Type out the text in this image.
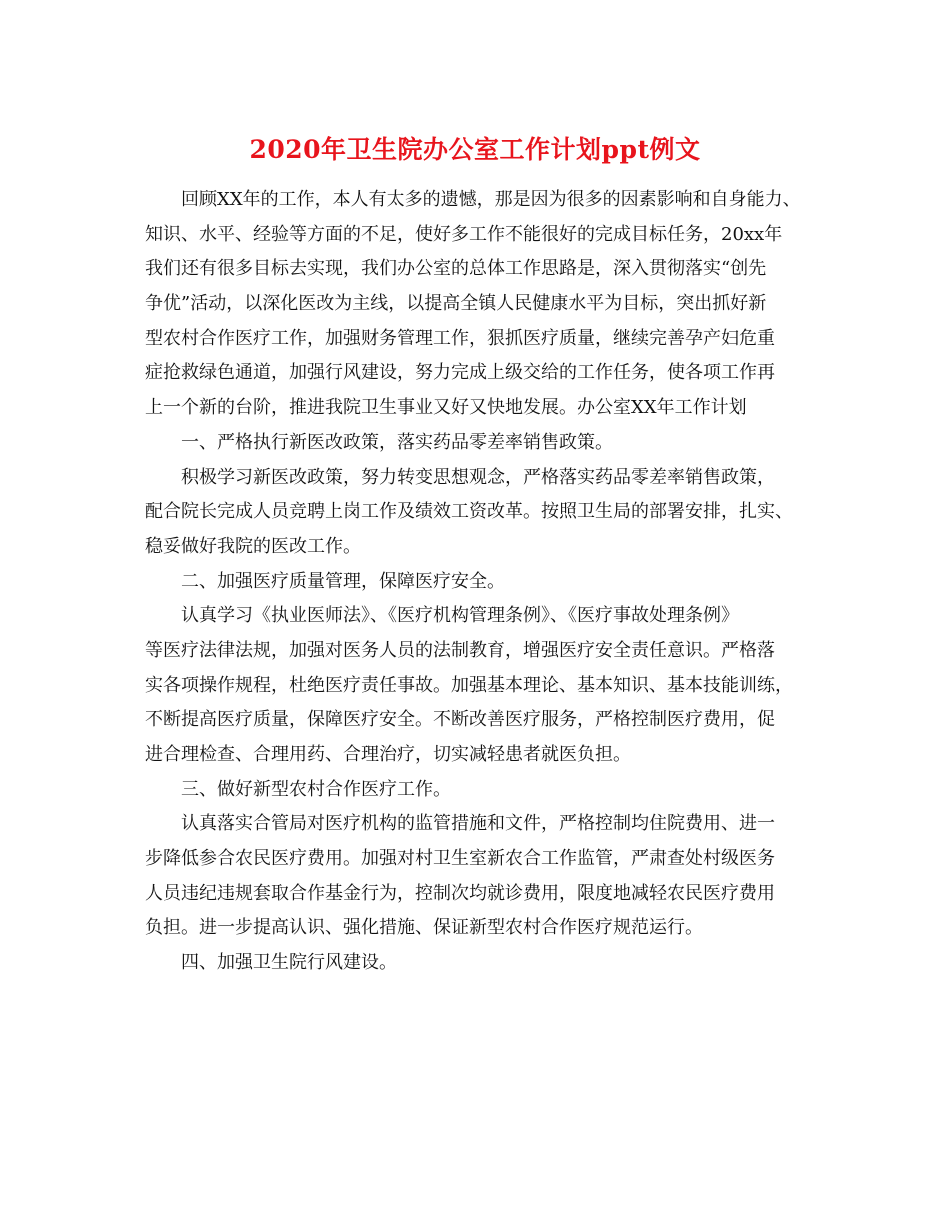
2020年卫生院办公室工作计划ppt例文
回顾XX年的工作，本人有太多的遗憾，那是因为很多的因素影响和自身能力、
知识、水平、经验等方面的不足，使好多工作不能很好的完成目标任务，20xx年
我们还有很多目标去实现，我们办公室的总体工作思路是，深入贯彻落实“创先
争优”活动，以深化医改为主线，以提高全镇人民健康水平为目标，突出抓好新
型农村合作医疗工作，加强财务管理工作，狠抓医疗质量，继续完善孕产妇危重
症抢救绿色通道，加强行风建设，努力完成上级交给的工作任务，使各项工作再
上一个新的台阶，推进我院卫生事业又好又快地发展。办公室XX年工作计划
一、严格执行新医改政策，落实药品零差率销售政策。
积极学习新医改政策，努力转变思想观念，严格落实药品零差率销售政策，
配合院长完成人员竞聘上岗工作及绩效工资改革。按照卫生局的部署安排，扎实、
稳妥做好我院的医改工作。
二、加强医疗质量管理，保障医疗安全。
认真学习《执业医师法》、《医疗机构管理条例》、《医疗事故处理条例》
等医疗法律法规，加强对医务人员的法制教育，增强医疗安全责任意识。严格落
实各项操作规程，杜绝医疗责任事故。加强基本理论、基本知识、基本技能训练，
不断提高医疗质量，保障医疗安全。不断改善医疗服务，严格控制医疗费用，促
进合理检查、合理用药、合理治疗，切实减轻患者就医负担。
三、做好新型农村合作医疗工作。
认真落实合管局对医疗机构的监管措施和文件，严格控制均住院费用、进一
步降低参合农民医疗费用。加强对村卫生室新农合工作监管，严肃查处村级医务
人员违纪违规套取合作基金行为，控制次均就诊费用，限度地减轻农民医疗费用
负担。进一步提高认识、强化措施、保证新型农村合作医疗规范运行。
四、加强卫生院行风建设。
